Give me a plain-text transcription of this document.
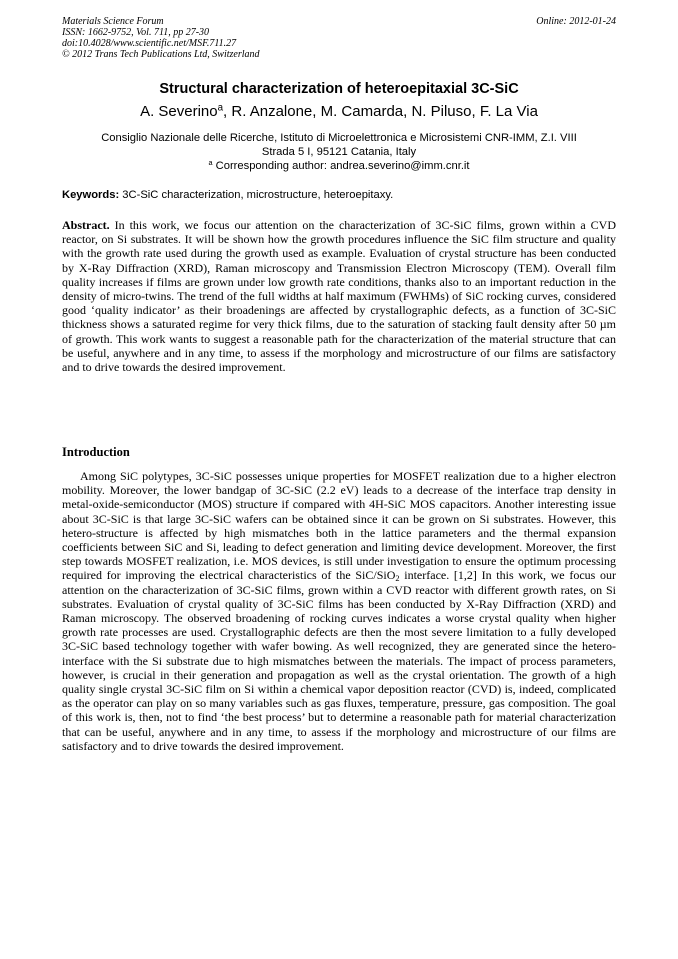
Materials Science Forum
ISSN: 1662-9752, Vol. 711, pp 27-30
doi:10.4028/www.scientific.net/MSF.711.27
© 2012 Trans Tech Publications Ltd, Switzerland
Online: 2012-01-24
Structural characterization of heteroepitaxial 3C-SiC
A. Severino$^a$, R. Anzalone, M. Camarda, N. Piluso, F. La Via
Consiglio Nazionale delle Ricerche, Istituto di Microelettronica e Microsistemi CNR-IMM, Z.I. VIII
Strada 5 I, 95121 Catania, Italy
$^a$ Corresponding author: andrea.severino@imm.cnr.it
Keywords: 3C-SiC characterization, microstructure, heteroepitaxy.
Abstract. In this work, we focus our attention on the characterization of 3C-SiC films, grown within a CVD reactor, on Si substrates. It will be shown how the growth procedures influence the SiC film structure and quality with the growth rate used during the growth used as example. Evaluation of crystal structure has been conducted by X-Ray Diffraction (XRD), Raman microscopy and Transmission Electron Microscopy (TEM). Overall film quality increases if films are grown under low growth rate conditions, thanks also to an important reduction in the density of micro-twins. The trend of the full widths at half maximum (FWHMs) of SiC rocking curves, considered good ‘quality indicator’ as their broadenings are affected by crystallographic defects, as a function of 3C-SiC thickness shows a saturated regime for very thick films, due to the saturation of stacking fault density after 50 µm of growth. This work wants to suggest a reasonable path for the characterization of the material structure that can be useful, anywhere and in any time, to assess if the morphology and microstructure of our films are satisfactory and to drive towards the desired improvement.
Introduction
Among SiC polytypes, 3C-SiC possesses unique properties for MOSFET realization due to a higher electron mobility. Moreover, the lower bandgap of 3C-SiC (2.2 eV) leads to a decrease of the interface trap density in metal-oxide-semiconductor (MOS) structure if compared with 4H-SiC MOS capacitors. Another interesting issue about 3C-SiC is that large 3C-SiC wafers can be obtained since it can be grown on Si substrates. However, this hetero-structure is affected by high mismatches both in the lattice parameters and the thermal expansion coefficients between SiC and Si, leading to defect generation and limiting device development. Moreover, the first step towards MOSFET realization, i.e. MOS devices, is still under investigation to ensure the optimum processing required for improving the electrical characteristics of the SiC/SiO$_2$ interface. [1,2] In this work, we focus our attention on the characterization of 3C-SiC films, grown within a CVD reactor with different growth rates, on Si substrates. Evaluation of crystal quality of 3C-SiC films has been conducted by X-Ray Diffraction (XRD) and Raman microscopy. The observed broadening of rocking curves indicates a worse crystal quality when higher growth rate processes are used. Crystallographic defects are then the most severe limitation to a fully developed 3C-SiC based technology together with wafer bowing. As well recognized, they are generated since the hetero-interface with the Si substrate due to high mismatches between the materials. The impact of process parameters, however, is crucial in their generation and propagation as well as the crystal orientation. The growth of a high quality single crystal 3C-SiC film on Si within a chemical vapor deposition reactor (CVD) is, indeed, complicated as the operator can play on so many variables such as gas fluxes, temperature, pressure, gas composition. The goal of this work is, then, not to find ‘the best process’ but to determine a reasonable path for material characterization that can be useful, anywhere and in any time, to assess if the morphology and microstructure of our films are satisfactory and to drive towards the desired improvement.
